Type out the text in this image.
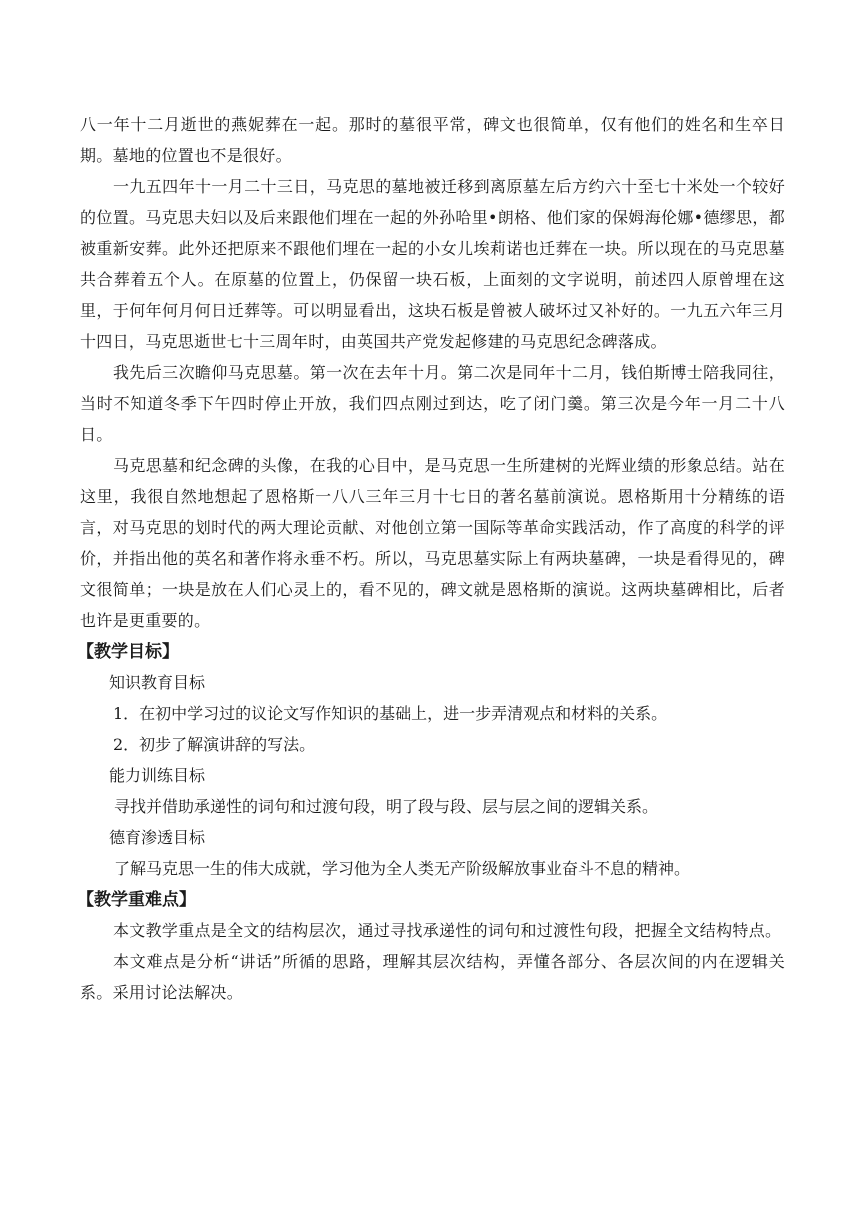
八一年十二月逝世的燕妮葬在一起。那时的墓很平常，碑文也很简单，仅有他们的姓名和生卒日期。墓地的位置也不是很好。

一九五四年十一月二十三日，马克思的墓地被迁移到离原墓左后方约六十至七十米处一个较好的位置。马克思夫妇以及后来跟他们埋在一起的外孙哈里•朗格、他们家的保姆海伦娜•德缪思，都被重新安葬。此外还把原来不跟他们埋在一起的小女儿埃莉诺也迁葬在一块。所以现在的马克思墓共合葬着五个人。在原墓的位置上，仍保留一块石板，上面刻的文字说明，前述四人原曾埋在这里，于何年何月何日迁葬等。可以明显看出，这块石板是曾被人破坏过又补好的。一九五六年三月十四日，马克思逝世七十三周年时，由英国共产党发起修建的马克思纪念碑落成。

我先后三次瞻仰马克思墓。第一次在去年十月。第二次是同年十二月，钱伯斯博士陪我同往，当时不知道冬季下午四时停止开放，我们四点刚过到达，吃了闭门羹。第三次是今年一月二十八日。

马克思墓和纪念碑的头像，在我的心目中，是马克思一生所建树的光辉业绩的形象总结。站在这里，我很自然地想起了恩格斯一八八三年三月十七日的著名墓前演说。恩格斯用十分精练的语言，对马克思的划时代的两大理论贡献、对他创立第一国际等革命实践活动，作了高度的科学的评价，并指出他的英名和著作将永垂不朽。所以，马克思墓实际上有两块墓碑，一块是看得见的，碑文很简单；一块是放在人们心灵上的，看不见的，碑文就是恩格斯的演说。这两块墓碑相比，后者也许是更重要的。

【教学目标】

知识教育目标

1．在初中学习过的议论文写作知识的基础上，进一步弄清观点和材料的关系。

2．初步了解演讲辞的写法。

能力训练目标

寻找并借助承递性的词句和过渡句段，明了段与段、层与层之间的逻辑关系。

德育渗透目标

了解马克思一生的伟大成就，学习他为全人类无产阶级解放事业奋斗不息的精神。

【教学重难点】

本文教学重点是全文的结构层次，通过寻找承递性的词句和过渡性句段，把握全文结构特点。

本文难点是分析“讲话”所循的思路，理解其层次结构，弄懂各部分、各层次间的内在逻辑关系。采用讨论法解决。
